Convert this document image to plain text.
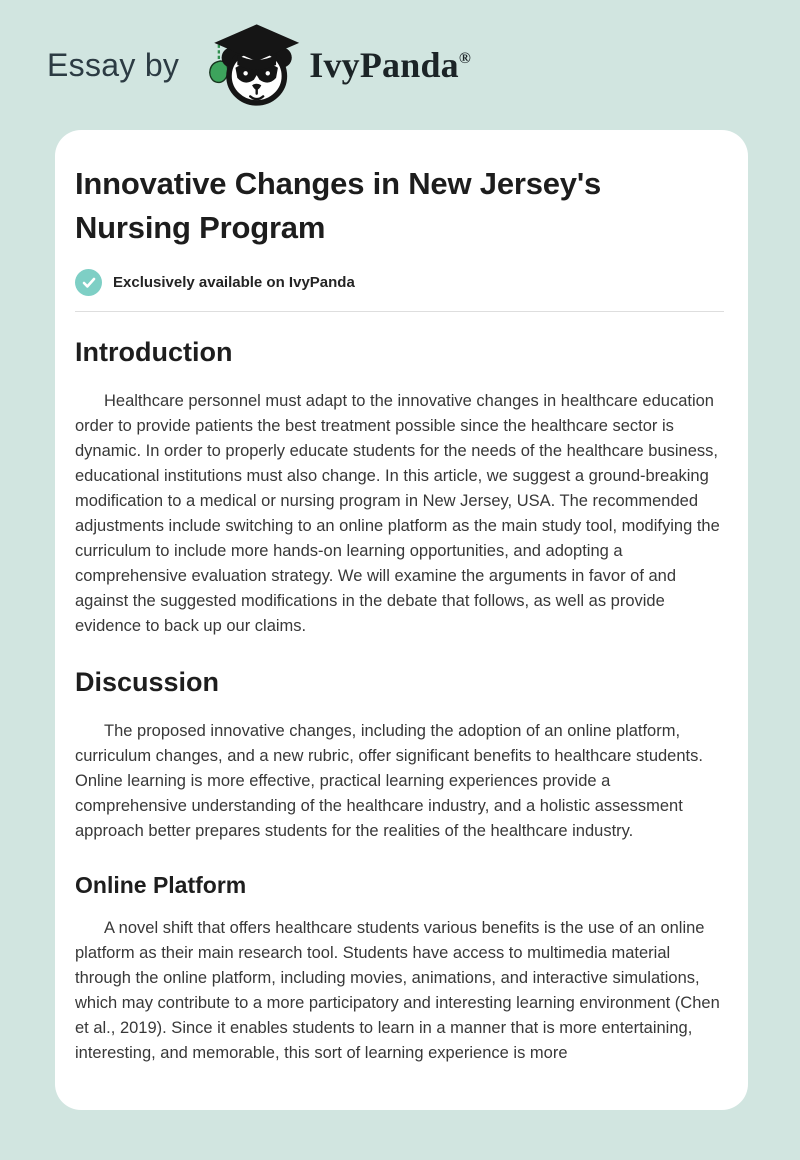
Essay by	IvyPanda®
Innovative Changes in New Jersey's Nursing Program
Exclusively available on IvyPanda
Introduction

Healthcare personnel must adapt to the innovative changes in healthcare education order to provide patients the best treatment possible since the healthcare sector is dynamic. In order to properly educate students for the needs of the healthcare business, educational institutions must also change. In this article, we suggest a ground-breaking modification to a medical or nursing program in New Jersey, USA. The recommended adjustments include switching to an online platform as the main study tool, modifying the curriculum to include more hands-on learning opportunities, and adopting a comprehensive evaluation strategy. We will examine the arguments in favor of and against the suggested modifications in the debate that follows, as well as provide evidence to back up our claims.

Discussion

The proposed innovative changes, including the adoption of an online platform, curriculum changes, and a new rubric, offer significant benefits to healthcare students. Online learning is more effective, practical learning experiences provide a comprehensive understanding of the healthcare industry, and a holistic assessment approach better prepares students for the realities of the healthcare industry.

Online Platform

A novel shift that offers healthcare students various benefits is the use of an online platform as their main research tool. Students have access to multimedia material through the online platform, including movies, animations, and interactive simulations, which may contribute to a more participatory and interesting learning environment (Chen et al., 2019). Since it enables students to learn in a manner that is more entertaining, interesting, and memorable, this sort of learning experience is more
